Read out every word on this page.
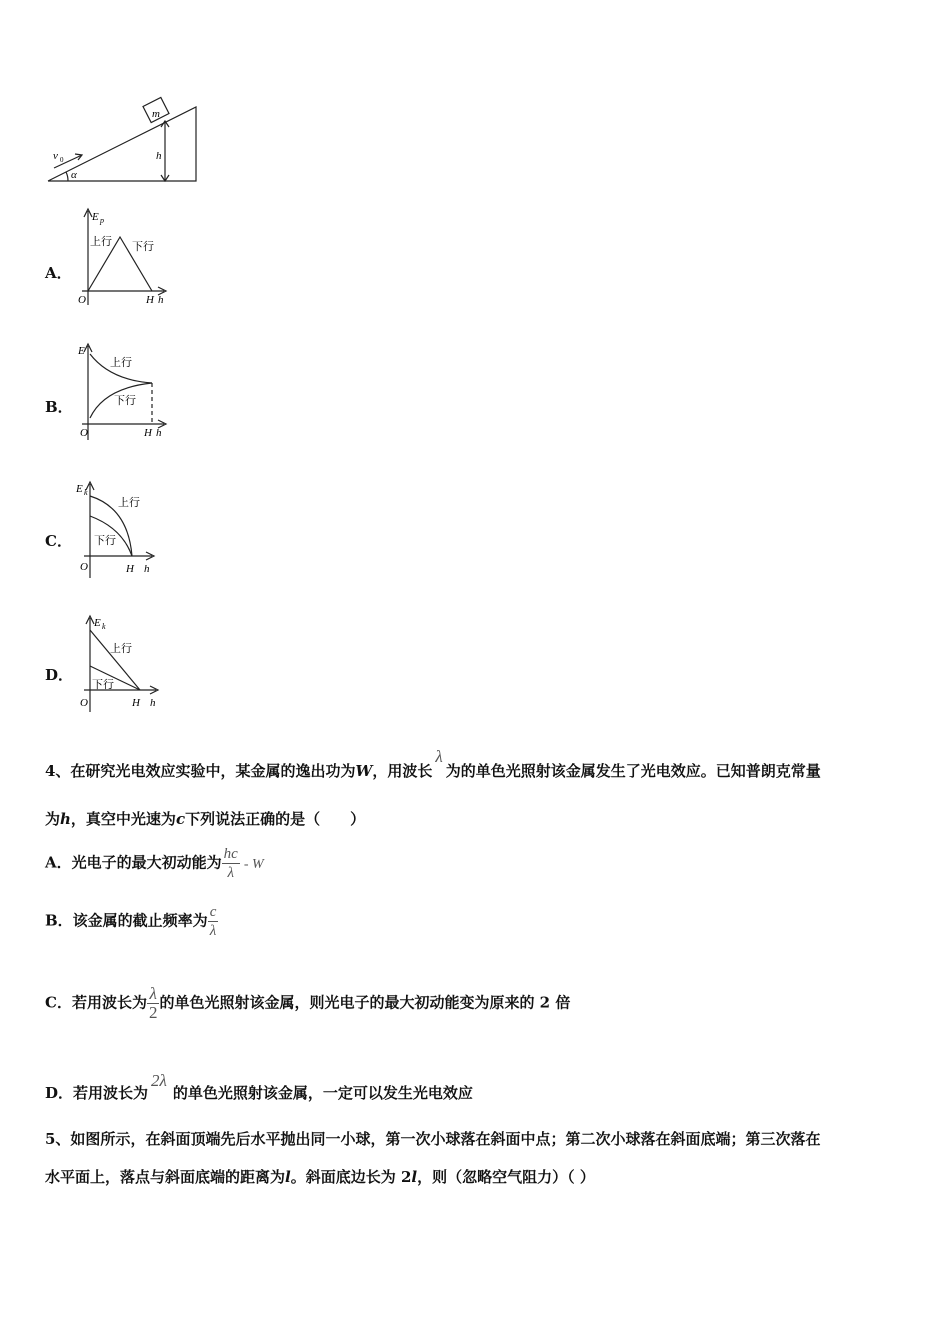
v 0
m
h
α
A．
E p
上行 下行
O	H h
B．
E
上行
下行
O	H h
C．
E k
上行
下行
O	H h
D．
E k
上行
下行
O	H h
4、在研究光电效应实验中，某金属的逸出功为W，用波长λ为的单色光照射该金属发生了光电效应。已知普朗克常量
为h，真空中光速为c下列说法正确的是（　　）
A．光电子的最大初动能为 $\frac{hc}{\lambda}$ - W
B．该金属的截止频率为 $\frac{c}{\lambda}$
C．若用波长为 $\frac{\lambda}{2}$ 的单色光照射该金属，则光电子的最大初动能变为原来的 2 倍
D．若用波长为2λ的单色光照射该金属，一定可以发生光电效应
5、如图所示，在斜面顶端先后水平抛出同一小球，第一次小球落在斜面中点；第二次小球落在斜面底端；第三次落在
水平面上，落点与斜面底端的距离为l。斜面底边长为 2l，则（忽略空气阻力）（ ）
